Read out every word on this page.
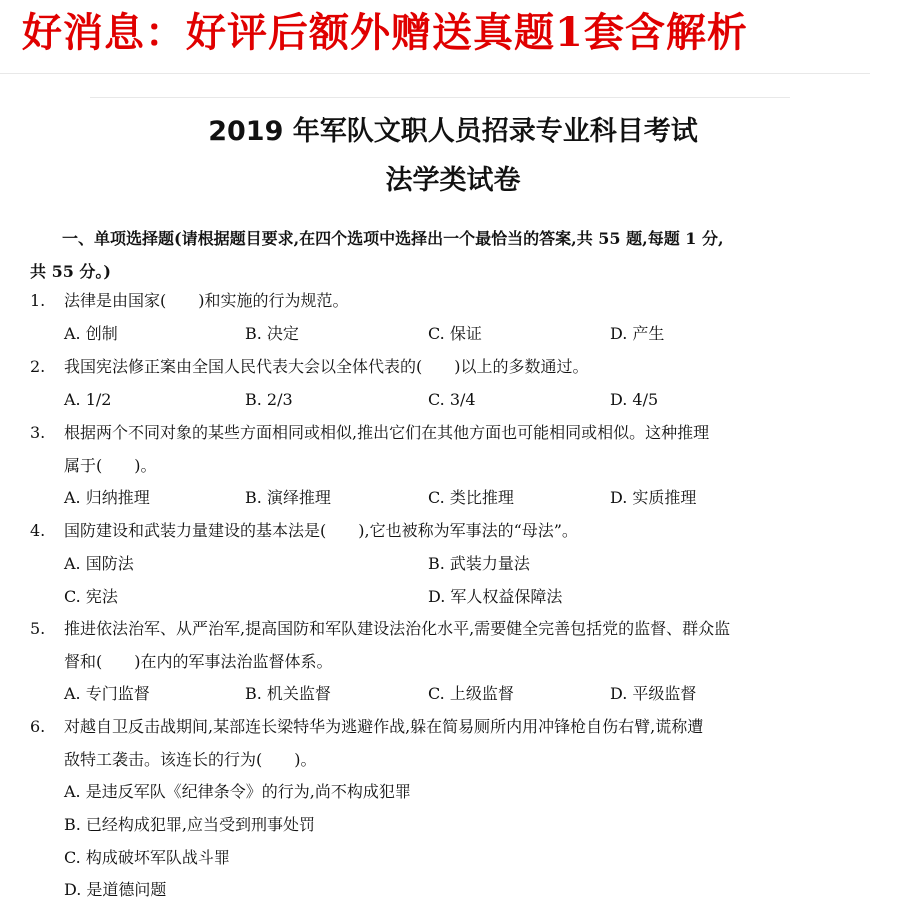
好消息：好评后额外赠送真题1套含解析
2019 年军队文职人员招录专业科目考试
法学类试卷
一、单项选择题(请根据题目要求,在四个选项中选择出一个最恰当的答案,共 55 题,每题 1 分,
共 55 分。)
1. 法律是由国家(　　)和实施的行为规范。
A. 创制	B. 决定	C. 保证	D. 产生
2. 我国宪法修正案由全国人民代表大会以全体代表的(　　)以上的多数通过。
A. 1/2	B. 2/3	C. 3/4	D. 4/5
3. 根据两个不同对象的某些方面相同或相似,推出它们在其他方面也可能相同或相似。这种推理
属于(　　)。
A. 归纳推理	B. 演绎推理	C. 类比推理	D. 实质推理
4. 国防建设和武装力量建设的基本法是(　　),它也被称为军事法的“母法”。
A. 国防法	B. 武装力量法
C. 宪法	D. 军人权益保障法
5. 推进依法治军、从严治军,提高国防和军队建设法治化水平,需要健全完善包括党的监督、群众监
督和(　　)在内的军事法治监督体系。
A. 专门监督	B. 机关监督	C. 上级监督	D. 平级监督
6. 对越自卫反击战期间,某部连长梁特华为逃避作战,躲在简易厕所内用冲锋枪自伤右臂,谎称遭
敌特工袭击。该连长的行为(　　)。
A. 是违反军队《纪律条令》的行为,尚不构成犯罪
B. 已经构成犯罪,应当受到刑事处罚
C. 构成破坏军队战斗罪
D. 是道德问题
